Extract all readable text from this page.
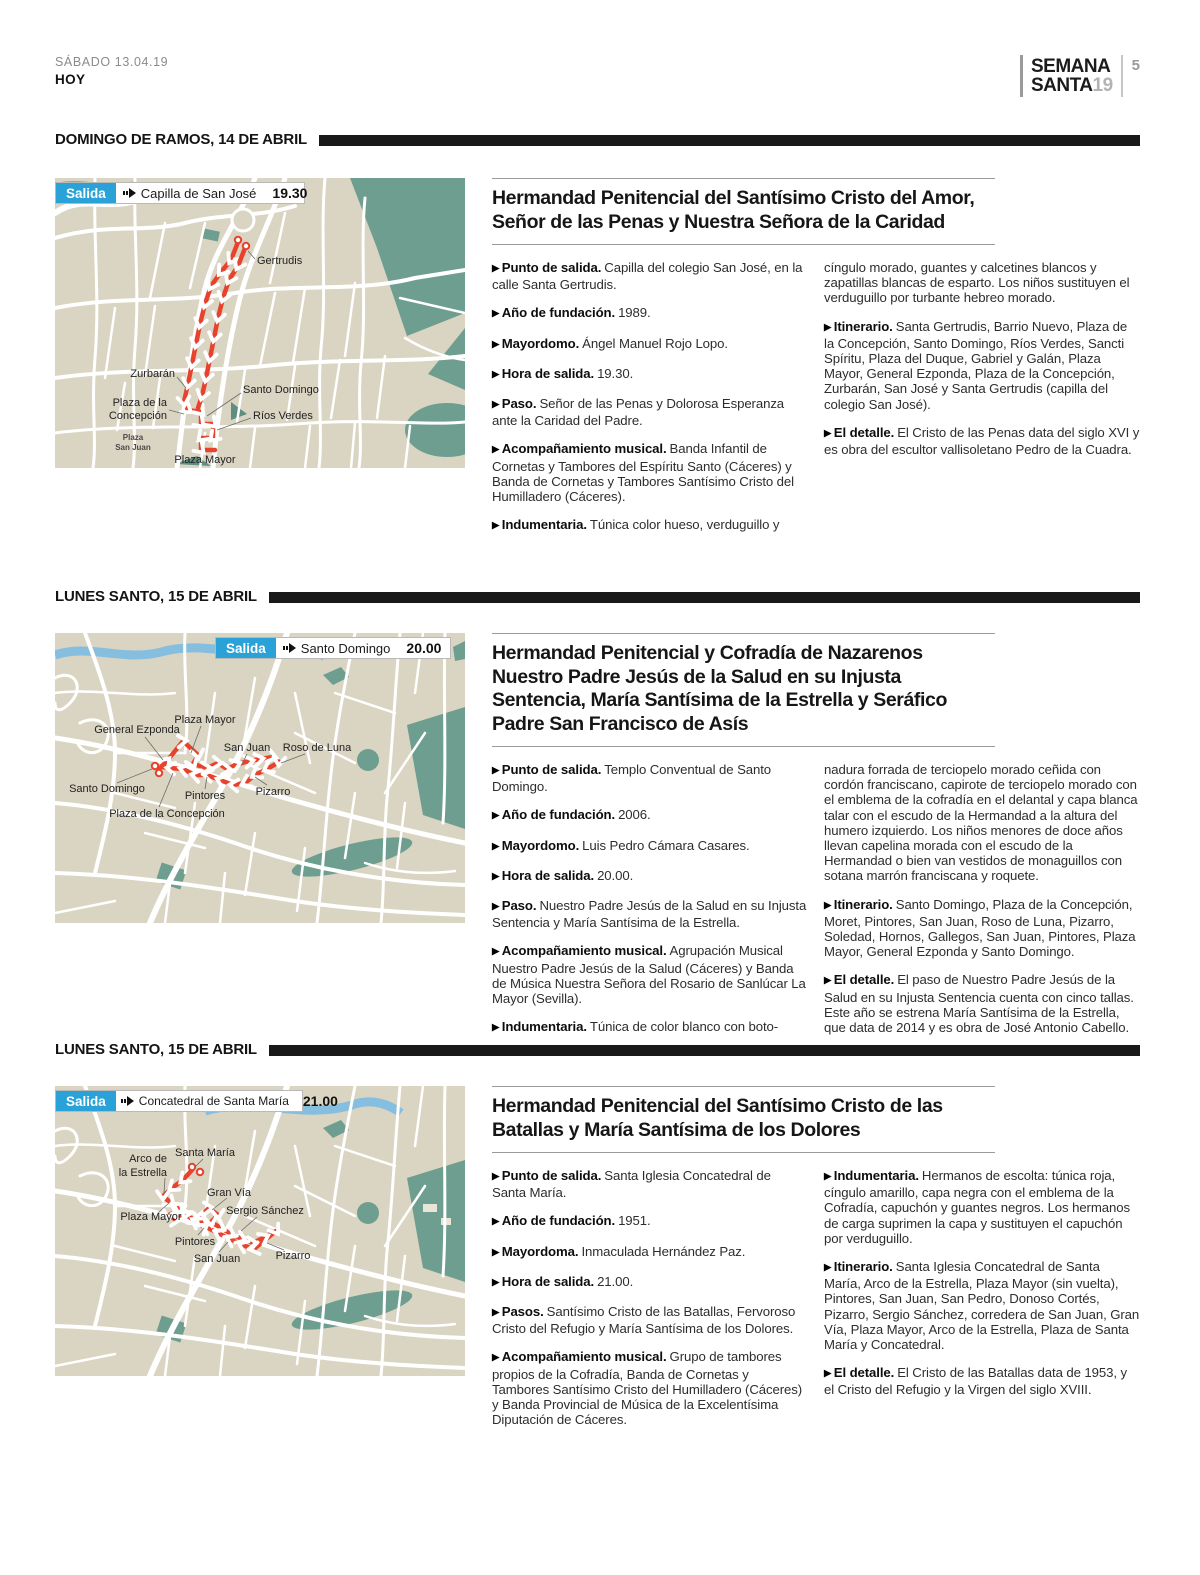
SÁBADO 13.04.19
HOY
SEMANA
SANTA19
5
DOMINGO DE RAMOS, 14 DE ABRIL
Gertrudis
Zurbarán
Plaza de la
Concepción
Plaza
San Juan
Santo Domingo
Ríos Verdes
Plaza Mayor
Salida	Capilla de San José	19.30	Hermandad Penitencial del Santísimo Cristo del Amor, Señor de las Penas y Nuestra Señora de la Caridad

▶ Punto de salida. Capilla del colegio San José, en la calle Santa Gertrudis.

▶ Año de fundación. 1989.

▶ Mayordomo. Ángel Manuel Rojo Lopo.

▶ Hora de salida. 19.30.

▶ Paso. Señor de las Penas y Dolorosa Esperanza ante la Caridad del Padre.

▶ Acompañamiento musical. Banda Infantil de Cornetas y Tambores del Espíritu Santo (Cáceres) y Banda de Cornetas y Tambores Santísimo Cristo del Humilladero (Cáceres).

▶ Indumentaria. Túnica color hueso, verduguillo y

cíngulo morado, guantes y calcetines blancos y zapatillas blancas de esparto. Los niños sustituyen el verduguillo por turbante hebreo morado.

▶ Itinerario. Santa Gertrudis, Barrio Nuevo, Plaza de la Concepción, Santo Domingo, Ríos Verdes, Sancti Spíritu, Plaza del Duque, Gabriel y Galán, Plaza Mayor, General Ezponda, Plaza de la Concepción, Zurbarán, San José y Santa Gertrudis (capilla del colegio San José).

▶ El detalle. El Cristo de las Penas data del siglo XVI y es obra del escultor vallisoletano Pedro de la Cuadra.

LUNES SANTO, 15 DE ABRIL
Plaza Mayor
General Ezponda
San Juan Roso de Luna
Santo Domingo
Plaza de la Concepción
Pintores	Pizarro
Salida	Santo Domingo	20.00	Hermandad Penitencial y Cofradía de Nazarenos Nuestro Padre Jesús de la Salud en su Injusta Sentencia, María Santísima de la Estrella y Seráfico Padre San Francisco de Asís

▶ Punto de salida. Templo Conventual de Santo Domingo.

▶ Año de fundación. 2006.

▶ Mayordomo. Luis Pedro Cámara Casares.

▶ Hora de salida. 20.00.

▶ Paso. Nuestro Padre Jesús de la Salud en su Injusta Sentencia y María Santísima de la Estrella.

▶ Acompañamiento musical. Agrupación Musical Nuestro Padre Jesús de la Salud (Cáceres) y Banda de Música Nuestra Señora del Rosario de Sanlúcar La Mayor (Sevilla).

▶ Indumentaria. Túnica de color blanco con boto-

nadura forrada de terciopelo morado ceñida con cordón franciscano, capirote de terciopelo morado con el emblema de la cofradía en el delantal y capa blanca talar con el escudo de la Hermandad a la altura del humero izquierdo. Los niños menores de doce años llevan capelina morada con el escudo de la Hermandad o bien van vestidos de monaguillos con sotana marrón franciscana y roquete.

▶ Itinerario. Santo Domingo, Plaza de la Concepción, Moret, Pintores, San Juan, Roso de Luna, Pizarro, Soledad, Hornos, Gallegos, San Juan, Pintores, Plaza Mayor, General Ezponda y Santo Domingo.

▶ El detalle. El paso de Nuestro Padre Jesús de la Salud en su Injusta Sentencia cuenta con cinco tallas. Este año se estrena María Santísima de la Estrella, que data de 2014 y es obra de José Antonio Cabello.

LUNES SANTO, 15 DE ABRIL
Arco de
la Estrella
Santa María
Gran Vía
Sergio Sánchez
Plaza Mayor
Pintores
San Juan	Pizarro
Salida	Concatedral de Santa María	21.00	Hermandad Penitencial del Santísimo Cristo de las Batallas y María Santísima de los Dolores

▶ Punto de salida. Santa Iglesia Concatedral de Santa María.

▶ Año de fundación. 1951.

▶ Mayordoma. Inmaculada Hernández Paz.

▶ Hora de salida. 21.00.

▶ Pasos. Santísimo Cristo de las Batallas, Fervoroso Cristo del Refugio y María Santísima de los Dolores.

▶ Acompañamiento musical. Grupo de tambores propios de la Cofradía, Banda de Cornetas y Tambores Santísimo Cristo del Humilladero (Cáceres) y Banda Provincial de Música de la Excelentísima Diputación de Cáceres.

▶ Indumentaria. Hermanos de escolta: túnica roja, cíngulo amarillo, capa negra con el emblema de la Cofradía, capuchón y guantes negros. Los hermanos de carga suprimen la capa y sustituyen el capuchón por verduguillo.

▶ Itinerario. Santa Iglesia Concatedral de Santa María, Arco de la Estrella, Plaza Mayor (sin vuelta), Pintores, San Juan, San Pedro, Donoso Cortés, Pizarro, Sergio Sánchez, corredera de San Juan, Gran Vía, Plaza Mayor, Arco de la Estrella, Plaza de Santa María y Concatedral.

▶ El detalle. El Cristo de las Batallas data de 1953, y el Cristo del Refugio y la Virgen del siglo XVIII.
